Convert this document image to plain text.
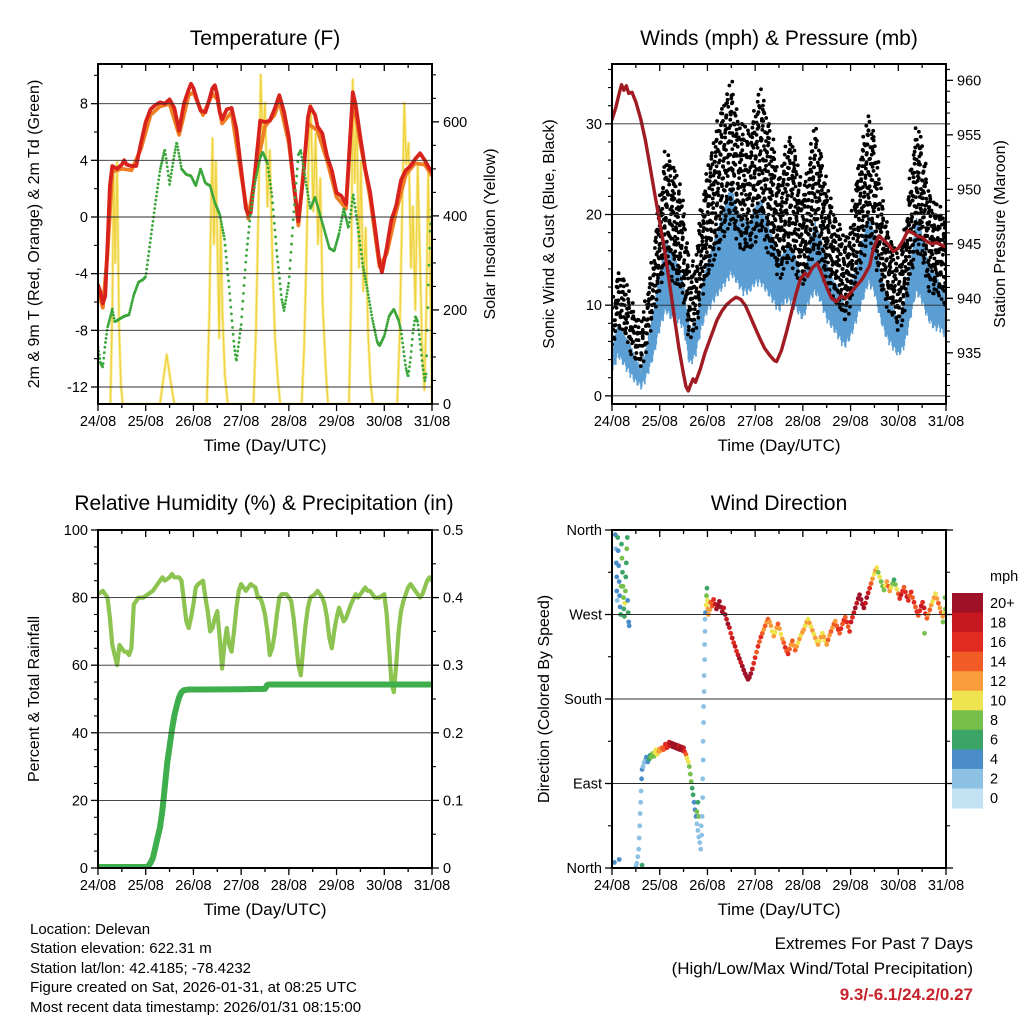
24/08 25/08 26/08 27/08 28/08 29/08 30/08 31/08
8
4
0
-4
-8
-12
0
200
400
600
24/08 25/08 26/08 27/08 28/08 29/08 30/08 31/08
0
10
20
30
935
940
945
950
955
960
24/08 25/08 26/08 27/08 28/08 29/08 30/08 31/08
0
20
40
60
80
100
0
0.1
0.2
0.3
0.4
0.5
24/08 25/08 26/08 27/08 28/08 29/08 30/08 31/08
North
West
South
East
North
20+
18
16
14
12
10
8
6
4
2
0
Temperature (F)	Winds (mph) & Pressure (mb)
Relative Humidity (%) & Precipitation (in)	Wind Direction
Time (Day/UTC)	Time (Day/UTC)
Time (Day/UTC)	Time (Day/UTC)
2m & 9m T (Red, Orange) & 2m Td (Green)	Solar Insolation (Yellow)	Sonic Wind & Gust (Blue, Black)	Station Pressure (Maroon)
Percent & Total Rainfall	Direction (Colored By Speed)
mph
Location: Delevan
Station elevation: 622.31 m
Station lat/lon: 42.4185; -78.4232
Figure created on Sat, 2026-01-31, at 08:25 UTC
Most recent data timestamp: 2026/01/31 08:15:00
Extremes For Past 7 Days
(High/Low/Max Wind/Total Precipitation)
9.3/-6.1/24.2/0.27
